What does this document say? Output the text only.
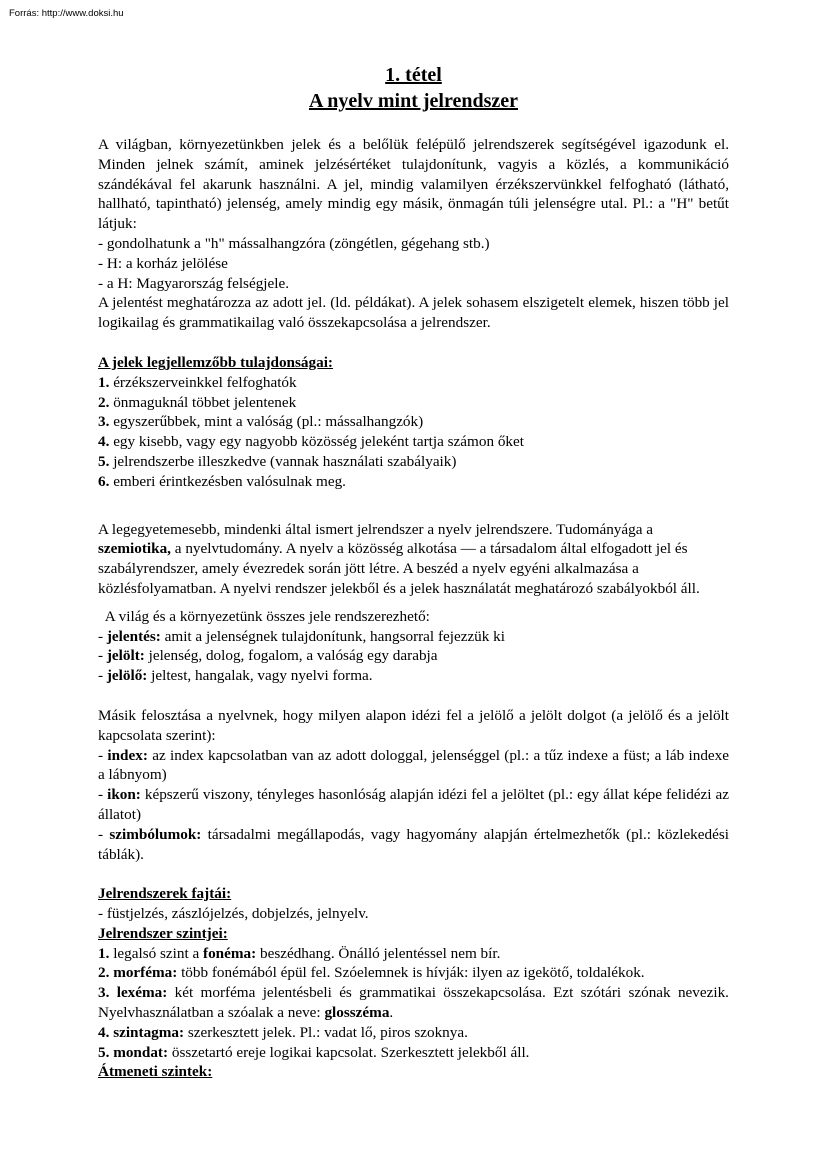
Forrás: http://www.doksi.hu
1. tétel
A nyelv mint jelrendszer

A világban, környezetünkben jelek és a belőlük felépülő jelrendszerek segítségével igazodunk el. Minden jelnek számít, aminek jelzésértéket tulajdonítunk, vagyis a közlés, a kommunikáció szándékával fel akarunk használni. A jel, mindig valamilyen érzékszervünkkel felfogható (látható, hallható, tapintható) jelenség, amely mindig egy másik, önmagán túli jelenségre utal. Pl.: a "H" betűt látjuk:

- gondolhatunk a "h" mássalhangzóra (zöngétlen, gégehang stb.)

- H: a korház jelölése

- a H: Magyarország felségjele.

A jelentést meghatározza az adott jel. (ld. példákat). A jelek sohasem elszigetelt elemek, hiszen több jel logikailag és grammatikailag való összekapcsolása a jelrendszer.

A jelek legjellemzőbb tulajdonságai:

1. érzékszerveinkkel felfoghatók

2. önmaguknál többet jelentenek

3. egyszerűbbek, mint a valóság (pl.: mássalhangzók)

4. egy kisebb, vagy egy nagyobb közösség jeleként tartja számon őket

5. jelrendszerbe illeszkedve (vannak használati szabályaik)

6. emberi érintkezésben valósulnak meg.

A legegyetemesebb, mindenki által ismert jelrendszer a nyelv jelrendszere. Tudományága a szemiotika, a nyelvtudomány. A nyelv a közösség alkotása — a társadalom által elfogadott jel és szabályrendszer, amely évezredek során jött létre. A beszéd a nyelv egyéni alkalmazása a közlésfolyamatban. A nyelvi rendszer jelekből és a jelek használatát meghatározó szabályokból áll.

A világ és a környezetünk összes jele rendszerezhető:

- jelentés: amit a jelenségnek tulajdonítunk, hangsorral fejezzük ki

- jelölt: jelenség, dolog, fogalom, a valóság egy darabja

- jelölő: jeltest, hangalak, vagy nyelvi forma.

Másik felosztása a nyelvnek, hogy milyen alapon idézi fel a jelölő a jelölt dolgot (a jelölő és a jelölt kapcsolata szerint):

- index: az index kapcsolatban van az adott dologgal, jelenséggel (pl.: a tűz indexe a füst; a láb indexe a lábnyom)

- ikon: képszerű viszony, tényleges hasonlóság alapján idézi fel a jelöltet (pl.: egy állat képe felidézi az állatot)

- szimbólumok: társadalmi megállapodás, vagy hagyomány alapján értelmezhetők (pl.: közlekedési táblák).

Jelrendszerek fajtái:

- füstjelzés, zászlójelzés, dobjelzés, jelnyelv.

Jelrendszer szintjei:

1. legalsó szint a fonéma: beszédhang. Önálló jelentéssel nem bír.

2. morféma: több fonémából épül fel. Szóelemnek is hívják: ilyen az igekötő, toldalékok.

3. lexéma: két morféma jelentésbeli és grammatikai összekapcsolása. Ezt szótári szónak nevezik. Nyelvhasználatban a szóalak a neve: glosszéma.

4. szintagma: szerkesztett jelek. Pl.: vadat lő, piros szoknya.

5. mondat: összetartó ereje logikai kapcsolat. Szerkesztett jelekből áll.

Átmeneti szintek:
